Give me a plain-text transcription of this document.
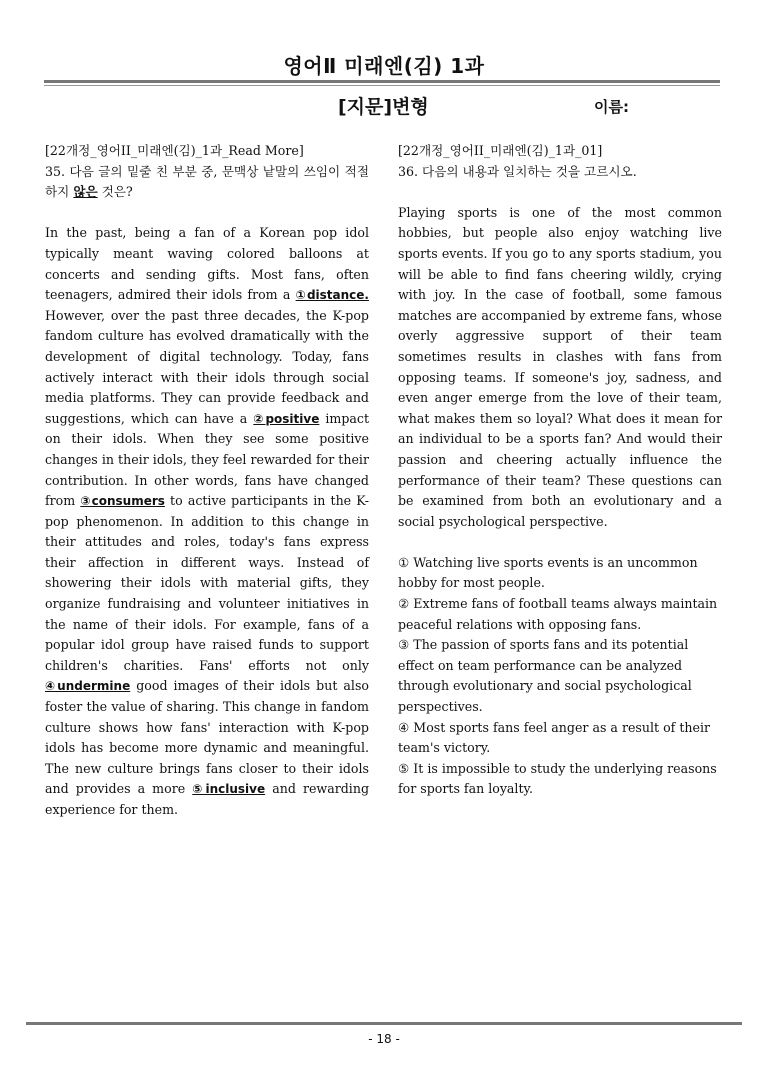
영어Ⅱ 미래엔(김) 1과
[지문]변형	이름:

[22개정_영어II_미래엔(김)_1과_Read More]

35. 다음 글의 밑줄 친 부분 중, 문맥상 낱말의 쓰임이 적절하지 않은 것은?

In the past, being a fan of a Korean pop idol typically meant waving colored balloons at concerts and sending gifts. Most fans, often teenagers, admired their idols from a ①distance. However, over the past three decades, the K-pop fandom culture has evolved dramatically with the development of digital technology. Today, fans actively interact with their idols through social media platforms. They can provide feedback and suggestions, which can have a ②positive impact on their idols. When they see some positive changes in their idols, they feel rewarded for their contribution. In other words, fans have changed from ③consumers to active participants in the K-pop phenomenon. In addition to this change in their attitudes and roles, today's fans express their affection in different ways. Instead of showering their idols with material gifts, they organize fundraising and volunteer initiatives in the name of their idols. For example, fans of a popular idol group have raised funds to support children's charities. Fans' efforts not only ④undermine good images of their idols but also foster the value of sharing. This change in fandom culture shows how fans' interaction with K-pop idols has become more dynamic and meaningful. The new culture brings fans closer to their idols and provides a more ⑤inclusive and rewarding experience for them.

[22개정_영어II_미래엔(김)_1과_01]

36. 다음의 내용과 일치하는 것을 고르시오.

Playing sports is one of the most common hobbies, but people also enjoy watching live sports events. If you go to any sports stadium, you will be able to find fans cheering wildly, crying with joy. In the case of football, some famous matches are accompanied by extreme fans, whose overly aggressive support of their team sometimes results in clashes with fans from opposing teams. If someone's joy, sadness, and even anger emerge from the love of their team, what makes them so loyal? What does it mean for an individual to be a sports fan? And would their passion and cheering actually influence the performance of their team? These questions can be examined from both an evolutionary and a social psychological perspective.

① Watching live sports events is an uncommon hobby for most people.

② Extreme fans of football teams always maintain peaceful relations with opposing fans.

③ The passion of sports fans and its potential effect on team performance can be analyzed through evolutionary and social psychological perspectives.

④ Most sports fans feel anger as a result of their team's victory.

⑤ It is impossible to study the underlying reasons for sports fan loyalty.

- 18 -
